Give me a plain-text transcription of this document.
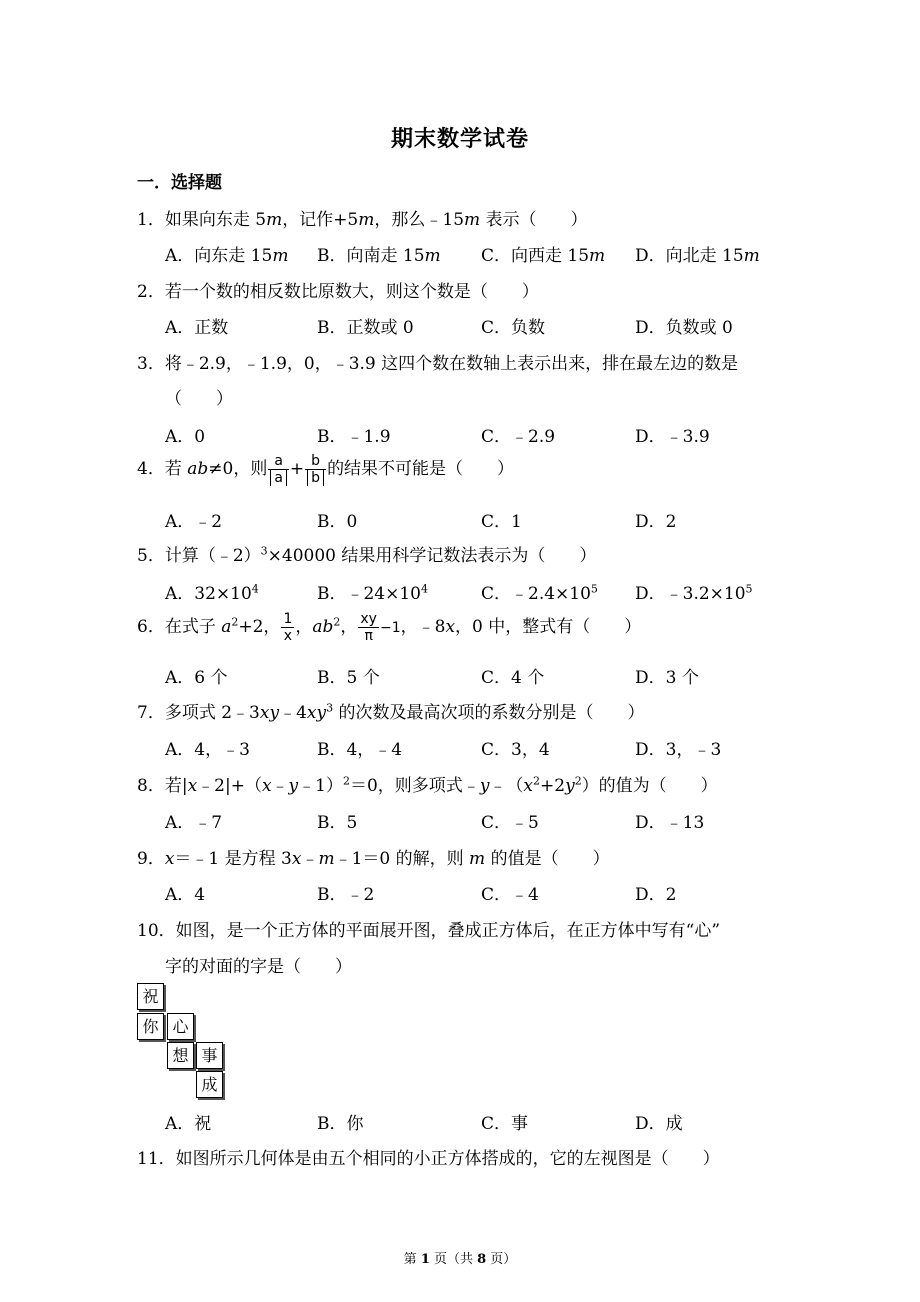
期末数学试卷
一．选择题
1．如果向东走 5m，记作+5m，那么﹣15m 表示（　　）
A．向东走 15m B．向南走 15m C．向西走 15m D．向北走 15m
2．若一个数的相反数比原数大，则这个数是（　　）
A．正数	B．正数或 0	C．负数	D．负数或 0
3．将﹣2.9，﹣1.9，0，﹣3.9 这四个数在数轴上表示出来，排在最左边的数是
（　　）
A．0	B．﹣1.9	C．﹣2.9	D．﹣3.9
4．若 ab≠0，则 $\frac{a}{a} + \frac{b}{b}$ 的结果不可能是（　　）
A．﹣2	B．0	C．1	D．2
5．计算（﹣2）$^3$×40000 结果用科学记数法表示为（　　）
A．$32\times 10^4$	B．$﹣24\times 10^4$	C．$﹣2.4\times 10^5$ D．$﹣3.2\times 10^5$
6．在式子 $a^2+2$， $\frac{1}{x}$ ，$ab^2$， $\frac{xy}{\pi} -1$，﹣8x，0 中，整式有（　　）
A．6 个	B．5 个	C．4 个	D．3 个
7．多项式 $2﹣3xy﹣4xy^3$ 的次数及最高次项的系数分别是（　　）
A．4，﹣3	B．4，﹣4	C．3，4	D．3，﹣3
8．若|x﹣2|+（x﹣y﹣1）$^2$＝0，则多项式$﹣y﹣(x^2+2y^2)$的值为（　　）
A．﹣7	B．5	C．﹣5	D．﹣13
9．x＝﹣1 是方程 3x﹣m﹣1＝0 的解，则 m 的值是（　　）
A．4	B．﹣2	C．﹣4	D．2
10．如图，是一个正方体的平面展开图，叠成正方体后，在正方体中写有“心”
字的对面的字是（　　）
祝
你 心
想 事
成
A．祝	B．你	C．事	D．成
11．如图所示几何体是由五个相同的小正方体搭成的，它的左视图是（　　）
第 1 页（共 8 页）
